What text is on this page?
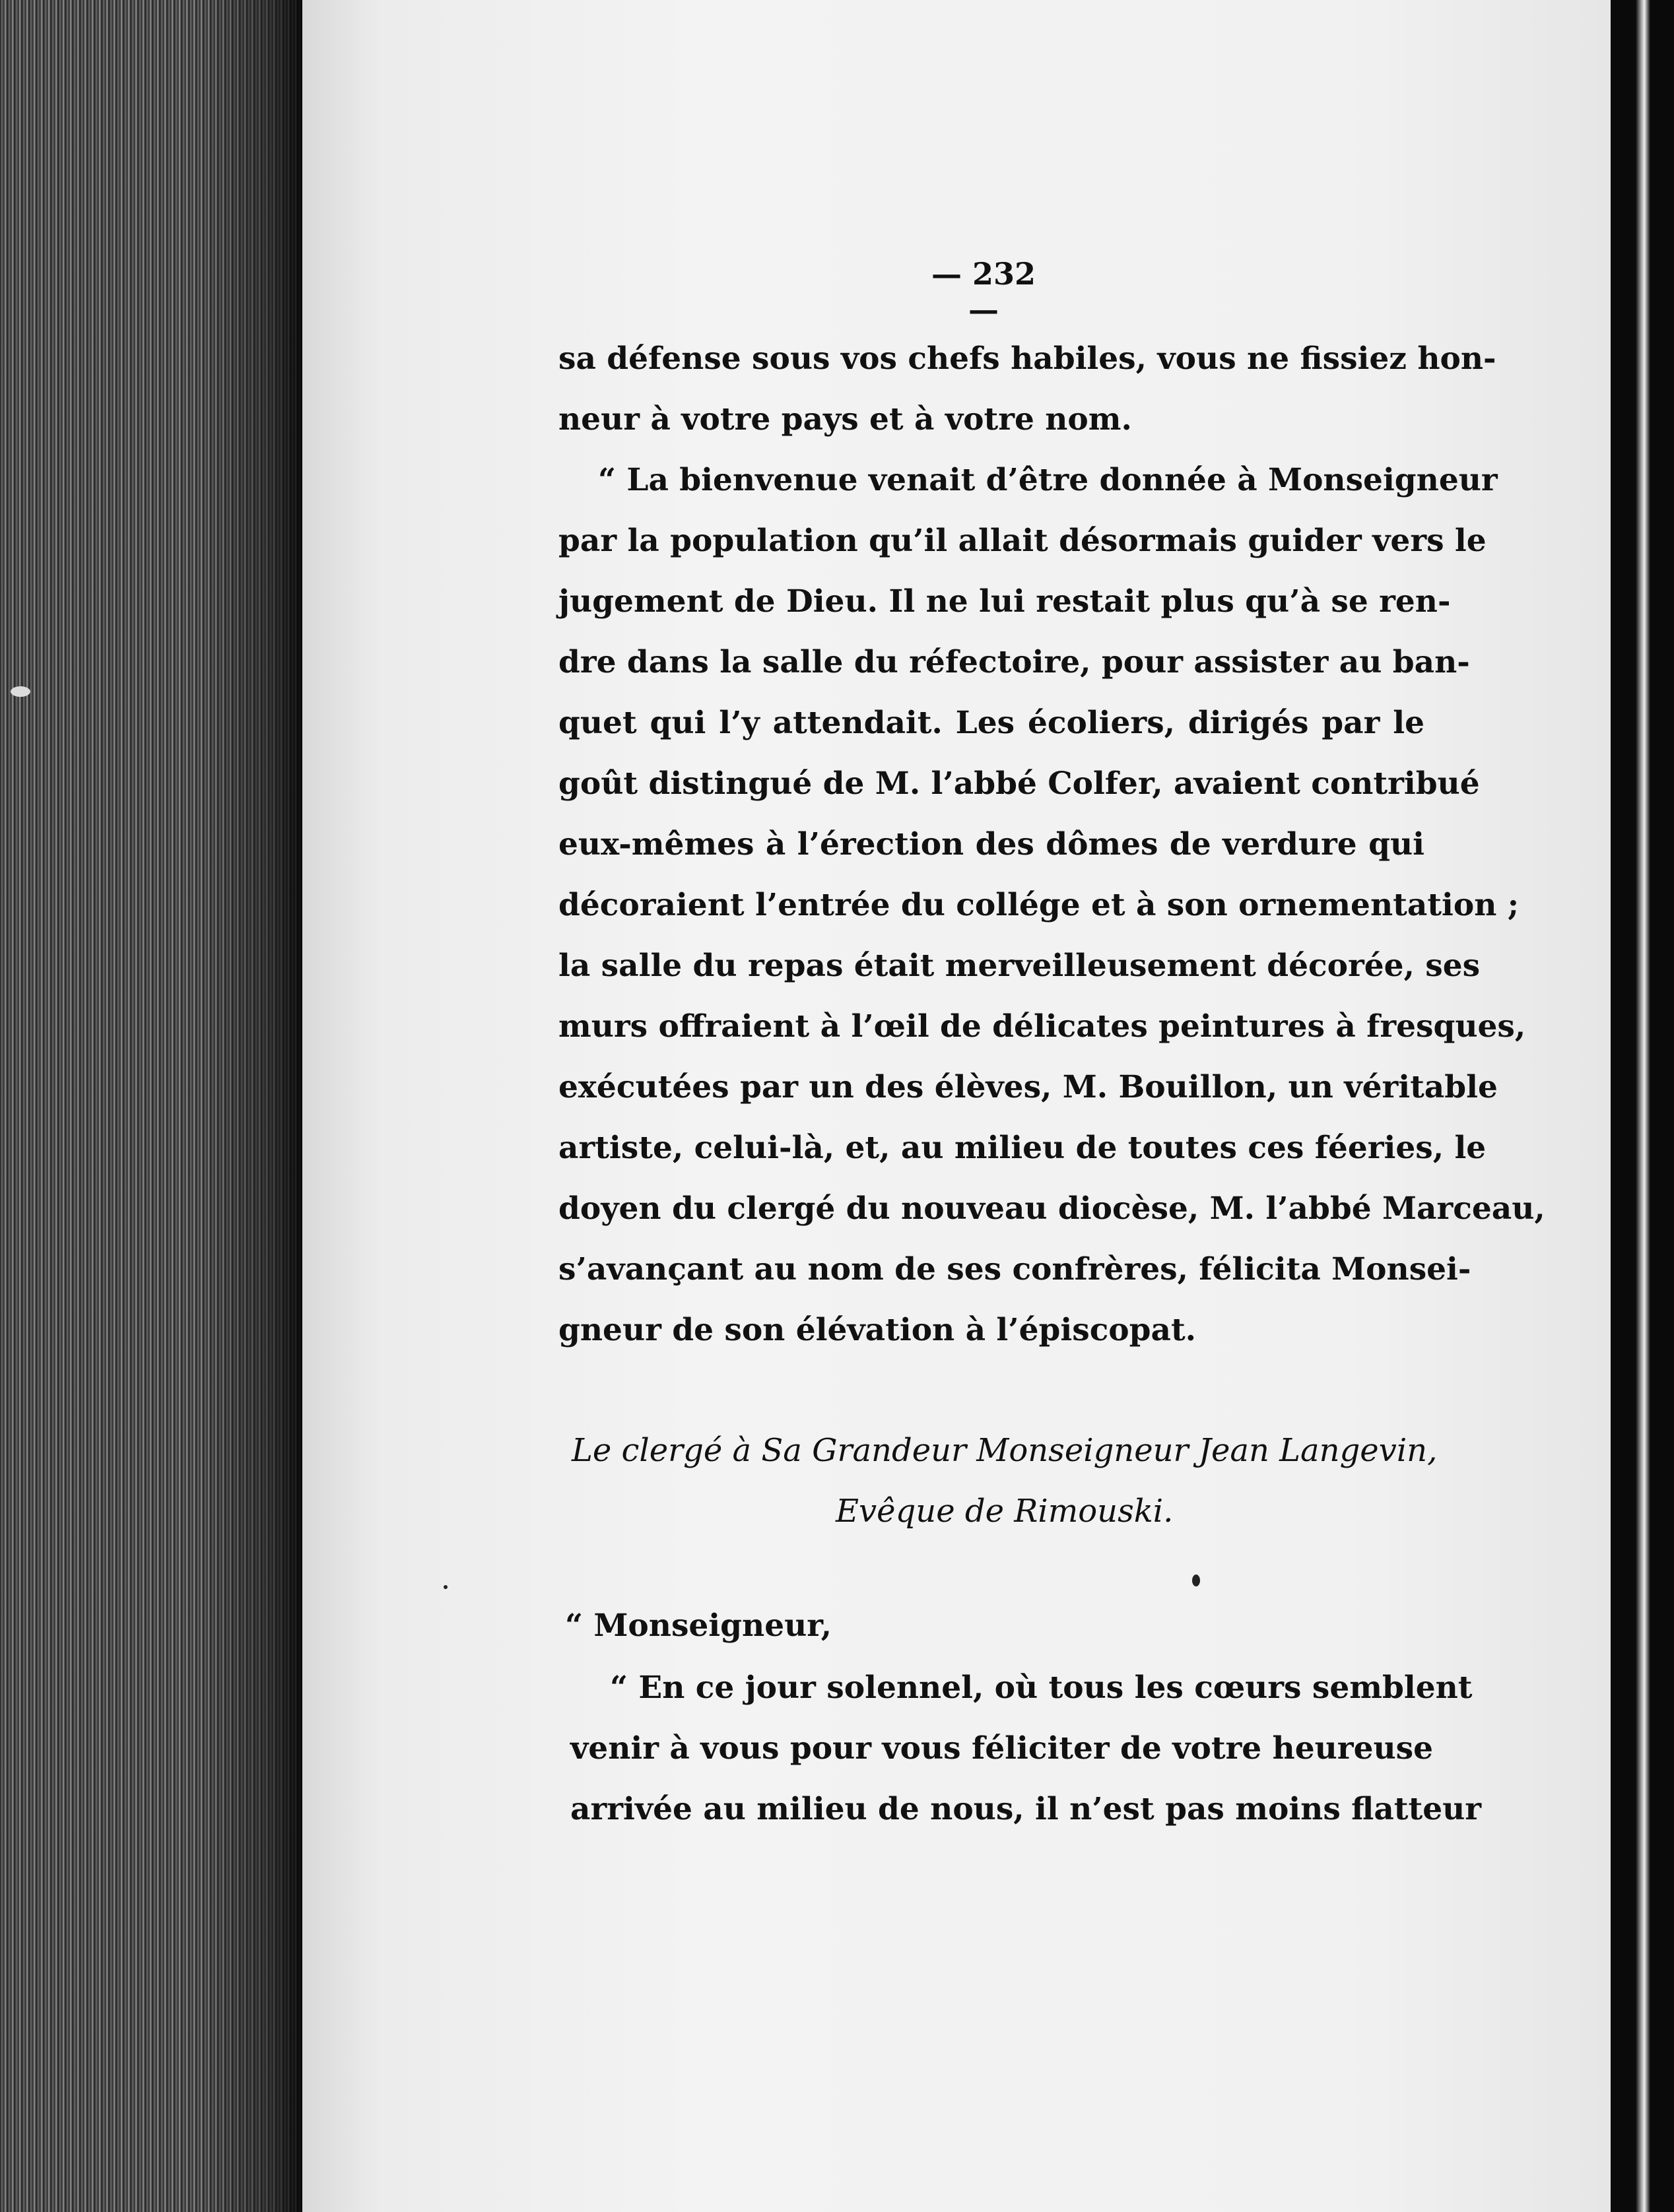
— 232 —
sa défense sous vos chefs habiles, vous ne fissiez hon-
neur à votre pays et à votre nom.
“ La bienvenue venait d’être donnée à Monseigneur
par la population qu’il allait désormais guider vers le
jugement de Dieu. Il ne lui restait plus qu’à se ren-
dre dans la salle du réfectoire, pour assister au ban-
quet qui l’y attendait. Les écoliers, dirigés par le
goût distingué de M. l’abbé Colfer, avaient contribué
eux-mêmes à l’érection des dômes de verdure qui
décoraient l’entrée du collége et à son ornementation ;
la salle du repas était merveilleusement décorée, ses
murs offraient à l’œil de délicates peintures à fresques,
exécutées par un des élèves, M. Bouillon, un véritable
artiste, celui-là, et, au milieu de toutes ces féeries, le
doyen du clergé du nouveau diocèse, M. l’abbé Marceau,
s’avançant au nom de ses confrères, félicita Monsei-
gneur de son élévation à l’épiscopat.
Le clergé à Sa Grandeur Monseigneur Jean Langevin,
Evêque de Rimouski.
“ Monseigneur,
“ En ce jour solennel, où tous les cœurs semblent
venir à vous pour vous féliciter de votre heureuse
arrivée au milieu de nous, il n’est pas moins flatteur
